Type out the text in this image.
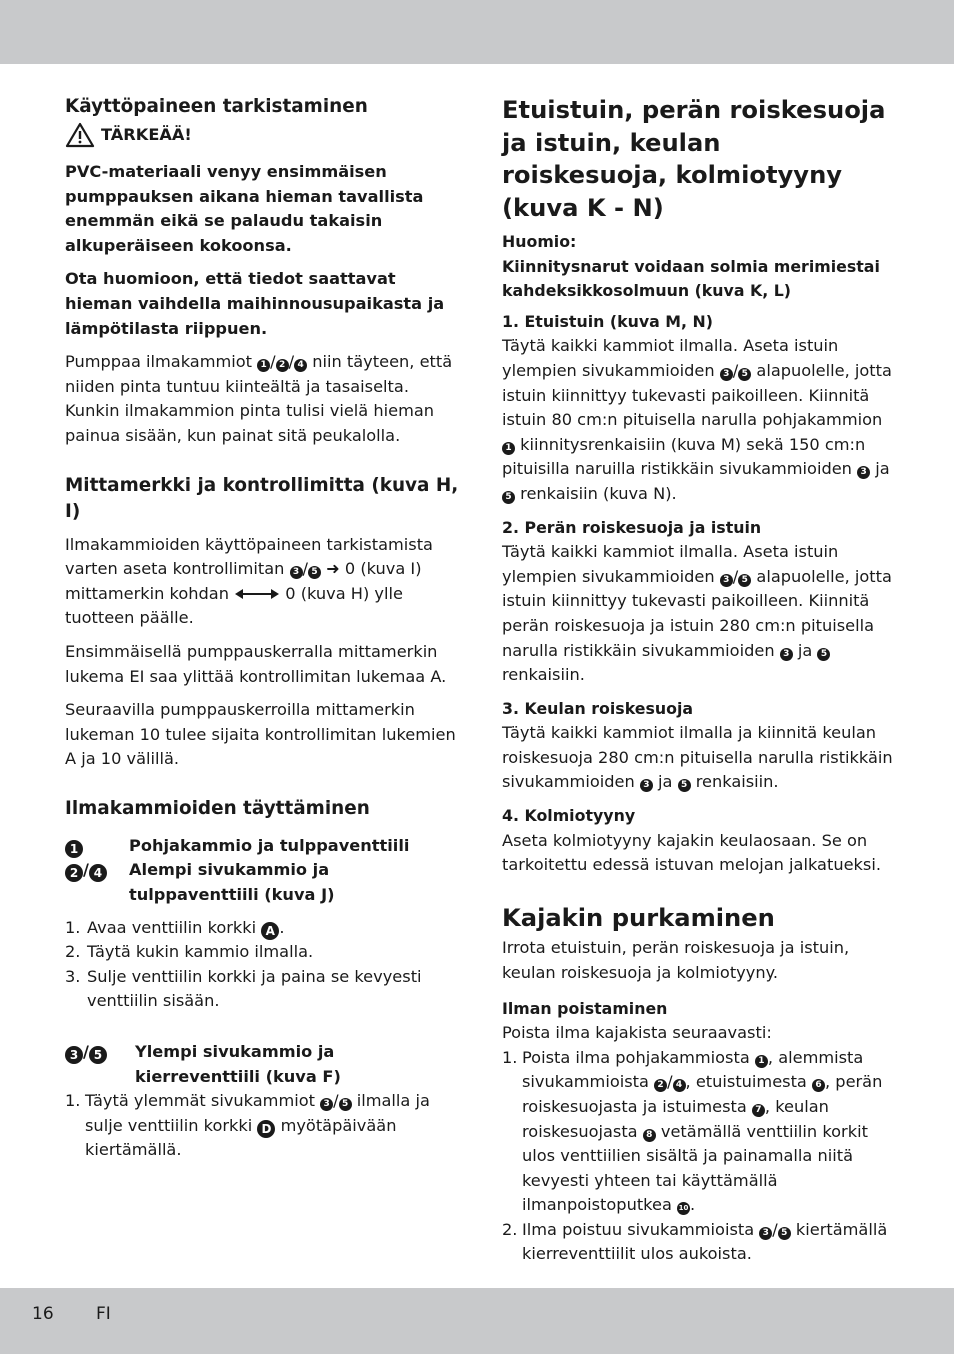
Käyttöpaineen tarkistaminen

TÄRKEÄÄ!

PVC-materiaali venyy ensimmäisen pumppauksen aikana hieman tavallista enemmän eikä se palaudu takaisin alkuperäiseen kokoonsa.

Ota huomioon, että tiedot saattavat hieman vaihdella maihinnousupaikasta ja lämpötilasta riippuen.

Pumppaa ilmakammiot 1 / 2 / 4 niin täyteen, että niiden pinta tuntuu kiinteältä ja tasaiselta. Kunkin ilmakammion pinta tulisi vielä hieman painua sisään, kun painat sitä peukalolla.

Mittamerkki ja kontrollimitta (kuva H, I)

Ilmakammioiden käyttöpaineen tarkistamista varten aseta kontrollimitan 3 / 5 ➜ 0 (kuva I) mittamerkin kohdan	0 (kuva H) ylle tuotteen päälle.

Ensimmäisellä pumppauskerralla mittamerkin lukema EI saa ylittää kontrollimitan lukemaa A.

Seuraavilla pumppauskerroilla mittamerkin lukeman 10 tulee sijaita kontrollimitan lukemien A ja 10 välillä.

Ilmakammioiden täyttäminen
1	Pohjakammio ja tulppaventtiili
2 / 4	Alempi sivukammio ja tulppaventtiili (kuva J)
1. Avaa venttiilin korkki A .
2. Täytä kukin kammio ilmalla.
3. Sulje venttiilin korkki ja paina se kevyesti venttiilin sisään.
3 / 5	Ylempi sivukammio ja kierreventtiili (kuva F)
1. Täytä ylemmät sivukammiot 3 / 5 ilmalla ja sulje venttiilin korkki D myötäpäivään kiertämällä.
Etuistuin, perän roiskesuoja ja istuin, keulan roiskesuoja, kolmiotyyny (kuva K - N)
Huomio:
Kiinnitysnarut voidaan solmia merimiestai kahdeksikkosolmuun (kuva K, L)
1. Etuistuin (kuva M, N)

Täytä kaikki kammiot ilmalla. Aseta istuin ylempien sivukammioiden 3 / 5 alapuolelle, jotta istuin kiinnittyy tukevasti paikoilleen. Kiinnitä istuin 80 cm:n pituisella narulla pohjakammion 1 kiinnitysrenkaisiin (kuva M) sekä 150 cm:n pituisilla naruilla ristikkäin sivukammioiden 3 ja 5 renkaisiin (kuva N).

2. Perän roiskesuoja ja istuin

Täytä kaikki kammiot ilmalla. Aseta istuin ylempien sivukammioiden 3 / 5 alapuolelle, jotta istuin kiinnittyy tukevasti paikoilleen. Kiinnitä perän roiskesuoja ja istuin 280 cm:n pituisella narulla ristikkäin sivukammioiden 3 ja 5 renkaisiin.

3. Keulan roiskesuoja

Täytä kaikki kammiot ilmalla ja kiinnitä keulan roiskesuoja 280 cm:n pituisella narulla ristikkäin sivukammioiden 3 ja 5 renkaisiin.

4. Kolmiotyyny

Aseta kolmiotyyny kajakin keulaosaan. Se on tarkoitettu edessä istuvan melojan jalkatueksi.

Kajakin purkaminen

Irrota etuistuin, perän roiskesuoja ja istuin, keulan roiskesuoja ja kolmiotyyny.

Ilman poistaminen

Poista ilma kajakista seuraavasti:

1. Poista ilma pohjakammiosta 1 , alemmista sivukammioista 2 / 4 , etuistuimesta 6 , perän roiskesuojasta ja istuimesta 7 , keulan roiskesuojasta 8 vetämällä venttiilin korkit ulos venttiilien sisältä ja painamalla niitä kevyesti yhteen tai käyttämällä ilmanpoistoputkea 10 .
2. Ilma poistuu sivukammioista 3 / 5 kiertämällä kierreventtiilit ulos aukoista.
16 FI
